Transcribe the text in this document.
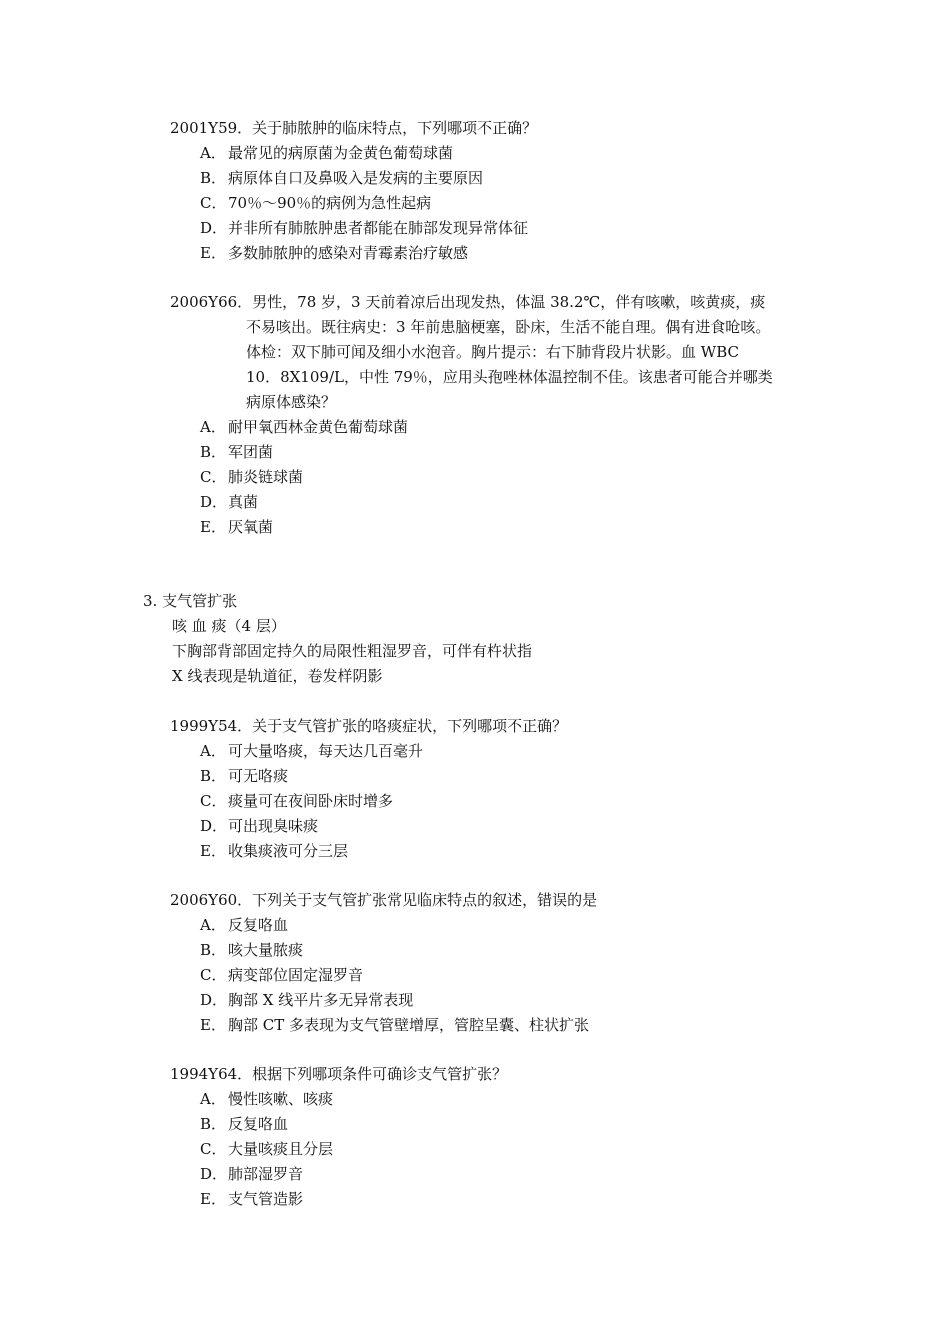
2001Y59．关于肺脓肿的临床特点，下列哪项不正确？
A． 最常见的病原菌为金黄色葡萄球菌
B． 病原体自口及鼻吸入是发病的主要原因
C． 70％～90％的病例为急性起病
D．并非所有肺脓肿患者都能在肺部发现异常体征
E． 多数肺脓肿的感染对青霉素治疗敏感
2006Y66．男性，78 岁，3 天前着凉后出现发热，体温 38.2℃，伴有咳嗽，咳黄痰，痰
不易咳出。既往病史：3 年前患脑梗塞，卧床，生活不能自理。偶有进食呛咳。
体检：双下肺可闻及细小水泡音。胸片提示：右下肺背段片状影。血 WBC
10．8X109/L，中性 79％，应用头孢唑林体温控制不佳。该患者可能合并哪类
病原体感染？
A． 耐甲氧西林金黄色葡萄球菌
B． 军团菌
C． 肺炎链球菌
D．真菌
E． 厌氧菌
3. 支气管扩张
咳 血 痰（4 层）
下胸部背部固定持久的局限性粗湿罗音，可伴有杵状指
X 线表现是轨道征，卷发样阴影
1999Y54．关于支气管扩张的咯痰症状，下列哪项不正确？
A． 可大量咯痰，每天达几百毫升
B． 可无咯痰
C． 痰量可在夜间卧床时增多
D．可出现臭味痰
E． 收集痰液可分三层
2006Y60．下列关于支气管扩张常见临床特点的叙述，错误的是
A． 反复咯血
B． 咳大量脓痰
C． 病变部位固定湿罗音
D．胸部 X 线平片多无异常表现
E． 胸部 CT 多表现为支气管壁增厚，管腔呈囊、柱状扩张
1994Y64．根据下列哪项条件可确诊支气管扩张？
A． 慢性咳嗽、咳痰
B． 反复咯血
C． 大量咳痰且分层
D．肺部湿罗音
E． 支气管造影
